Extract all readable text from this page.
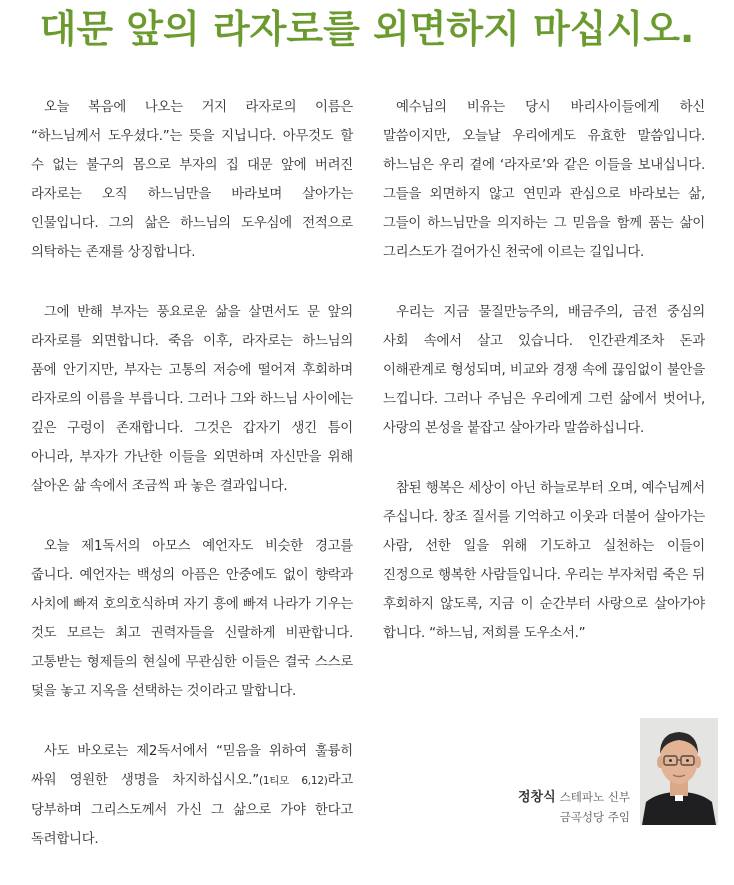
대문 앞의 라자로를 외면하지 마십시오.

오늘 복음에 나오는 거지 라자로의 이름은 “하느님께서 도우셨다.”는 뜻을 지닙니다. 아무것도 할 수 없는 불구의 몸으로 부자의 집 대문 앞에 버려진 라자로는 오직 하느님만을 바라보며 살아가는 인물입니다. 그의 삶은 하느님의 도우심에 전적으로 의탁하는 존재를 상징합니다.

그에 반해 부자는 풍요로운 삶을 살면서도 문 앞의 라자로를 외면합니다. 죽음 이후, 라자로는 하느님의 품에 안기지만, 부자는 고통의 저승에 떨어져 후회하며 라자로의 이름을 부릅니다. 그러나 그와 하느님 사이에는 깊은 구렁이 존재합니다. 그것은 갑자기 생긴 틈이 아니라, 부자가 가난한 이들을 외면하며 자신만을 위해 살아온 삶 속에서 조금씩 파 놓은 결과입니다.

오늘 제1독서의 아모스 예언자도 비슷한 경고를 줍니다. 예언자는 백성의 아픔은 안중에도 없이 향락과 사치에 빠져 호의호식하며 자기 흥에 빠져 나라가 기우는 것도 모르는 최고 권력자들을 신랄하게 비판합니다. 고통받는 형제들의 현실에 무관심한 이들은 결국 스스로 덫을 놓고 지옥을 선택하는 것이라고 말합니다.

사도 바오로는 제2독서에서 “믿음을 위하여 훌륭히 싸워 영원한 생명을 차지하십시오.”(1티모 6,12)라고 당부하며 그리스도께서 가신 그 삶으로 가야 한다고 독려합니다.

예수님의 비유는 당시 바리사이들에게 하신 말씀이지만, 오늘날 우리에게도 유효한 말씀입니다. 하느님은 우리 곁에 ‘라자로’와 같은 이들을 보내십니다. 그들을 외면하지 않고 연민과 관심으로 바라보는 삶, 그들이 하느님만을 의지하는 그 믿음을 함께 품는 삶이 그리스도가 걸어가신 천국에 이르는 길입니다.

우리는 지금 물질만능주의, 배금주의, 금전 중심의 사회 속에서 살고 있습니다. 인간관계조차 돈과 이해관계로 형성되며, 비교와 경쟁 속에 끊임없이 불안을 느낍니다. 그러나 주님은 우리에게 그런 삶에서 벗어나, 사랑의 본성을 붙잡고 살아가라 말씀하십니다.

참된 행복은 세상이 아닌 하늘로부터 오며, 예수님께서 주십니다. 창조 질서를 기억하고 이웃과 더불어 살아가는 사람, 선한 일을 위해 기도하고 실천하는 이들이 진정으로 행복한 사람들입니다. 우리는 부자처럼 죽은 뒤 후회하지 않도록, 지금 이 순간부터 사랑으로 살아가야 합니다. “하느님, 저희를 도우소서.”

정창식 스테파노 신부
금곡성당 주임
